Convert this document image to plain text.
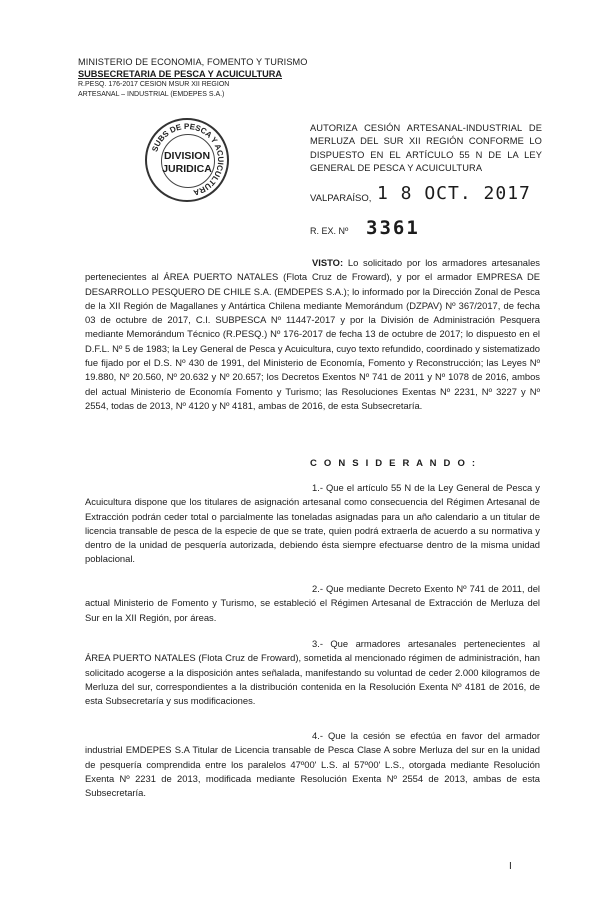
MINISTERIO DE ECONOMIA, FOMENTO Y TURISMO
SUBSECRETARIA DE PESCA Y ACUICULTURA
R.PESQ. 176-2017 CESION MSUR XII REGION
ARTESANAL – INDUSTRIAL (EMDEPES S.A.)
SUBS DE PESCA Y ACUICULTURA
DIVISION
JURIDICA
AUTORIZA CESIÓN ARTESANAL-INDUSTRIAL DE MERLUZA DEL SUR XII REGIÓN CONFORME LO DISPUESTO EN EL ARTÍCULO 55 N DE LA LEY GENERAL DE PESCA Y ACUICULTURA
VALPARAÍSO, 1 8 OCT. 2017
R. EX. Nº 3361
VISTO: Lo solicitado por los armadores artesanales pertenecientes al ÁREA PUERTO NATALES (Flota Cruz de Froward), y por el armador EMPRESA DE DESARROLLO PESQUERO DE CHILE S.A. (EMDEPES S.A.); lo informado por la Dirección Zonal de Pesca de la XII Región de Magallanes y Antártica Chilena mediante Memorándum (DZPAV) Nº 367/2017, de fecha 03 de octubre de 2017, C.I. SUBPESCA Nº 11447-2017 y por la División de Administración Pesquera mediante Memorándum Técnico (R.PESQ.) Nº 176-2017 de fecha 13 de octubre de 2017; lo dispuesto en el D.F.L. Nº 5 de 1983; la Ley General de Pesca y Acuicultura, cuyo texto refundido, coordinado y sistematizado fue fijado por el D.S. Nº 430 de 1991, del Ministerio de Economía, Fomento y Reconstrucción; las Leyes Nº 19.880, Nº 20.560, Nº 20.632 y Nº 20.657; los Decretos Exentos Nº 741 de 2011 y Nº 1078 de 2016, ambos del actual Ministerio de Economía Fomento y Turismo; las Resoluciones Exentas Nº 2231, Nº 3227 y Nº 2554, todas de 2013, Nº 4120 y Nº 4181, ambas de 2016, de esta Subsecretaría.
C O N S I D E R A N D O :
1.- Que el artículo 55 N de la Ley General de Pesca y Acuicultura dispone que los titulares de asignación artesanal como consecuencia del Régimen Artesanal de Extracción podrán ceder total o parcialmente las toneladas asignadas para un año calendario a un titular de licencia transable de pesca de la especie de que se trate, quien podrá extraerla de acuerdo a su normativa y dentro de la unidad de pesquería autorizada, debiendo ésta siempre efectuarse dentro de la misma unidad poblacional.
2.- Que mediante Decreto Exento Nº 741 de 2011, del actual Ministerio de Fomento y Turismo, se estableció el Régimen Artesanal de Extracción de Merluza del Sur en la XII Región, por áreas.
3.- Que armadores artesanales pertenecientes al ÁREA PUERTO NATALES (Flota Cruz de Froward), sometida al mencionado régimen de administración, han solicitado acogerse a la disposición antes señalada, manifestando su voluntad de ceder 2.000 kilogramos de Merluza del sur, correspondientes a la distribución contenida en la Resolución Exenta Nº 4181 de 2016, de esta Subsecretaría y sus modificaciones.
4.- Que la cesión se efectúa en favor del armador industrial EMDEPES S.A Titular de Licencia transable de Pesca Clase A sobre Merluza del sur en la unidad de pesquería comprendida entre los paralelos 47º00' L.S. al 57º00' L.S., otorgada mediante Resolución Exenta Nº 2231 de 2013, modificada mediante Resolución Exenta Nº 2554 de 2013, ambas de esta Subsecretaría.
I
